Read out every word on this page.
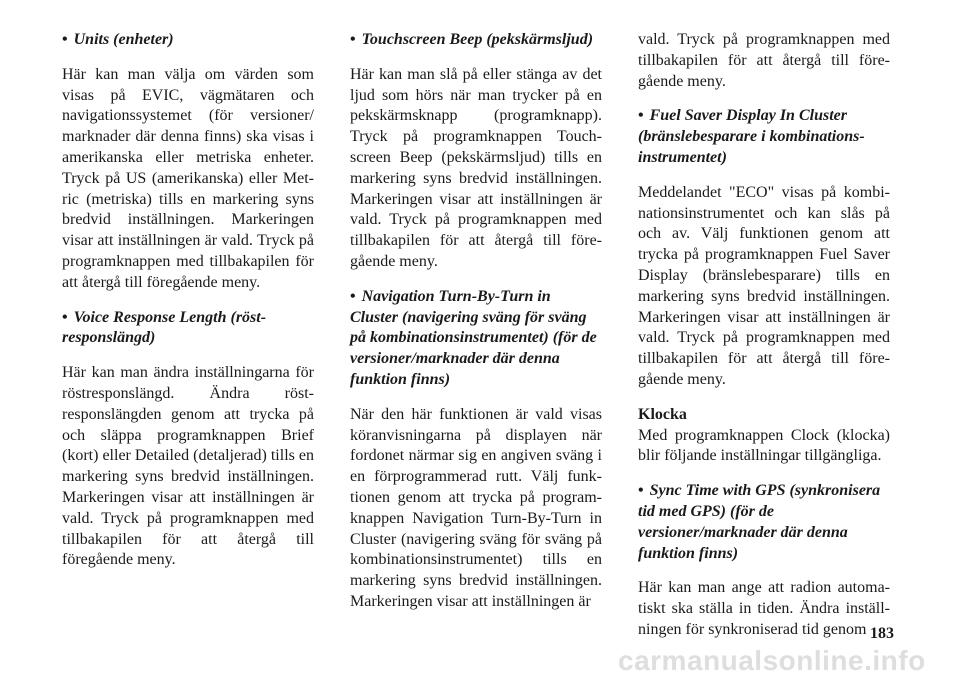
• Units (enheter)

Här kan man välja om värden som visas på EVIC, vägmätaren och navigationssystemet (för versioner/ marknader där denna finns) ska visas i amerikanska eller metriska enheter. Tryck på US (amerikanska) eller Metric (metriska) tills en markering syns bredvid inställningen. Markeringen visar att inställningen är vald. Tryck på programknappen med tillbakapilen för att återgå till föregående meny.

• Voice Response Length (röstresponslängd)

Här kan man ändra inställningarna för röstresponslängd. Ändra röstresponslängden genom att trycka på och släppa programknappen Brief (kort) eller Detailed (detaljerad) tills en markering syns bredvid inställningen. Markeringen visar att inställningen är vald. Tryck på programknappen med tillbakapilen för att återgå till föregående meny.

• Touchscreen Beep (pekskärmsljud)

Här kan man slå på eller stänga av det ljud som hörs när man trycker på en pekskärmsknapp (programknapp). Tryck på programknappen Touchscreen Beep (pekskärmsljud) tills en markering syns bredvid inställningen. Markeringen visar att inställningen är vald. Tryck på programknappen med tillbakapilen för att återgå till föregående meny.

• Navigation Turn-By-Turn in Cluster (navigering sväng för sväng på kombinationsinstrumentet) (för de versioner/marknader där denna funktion finns)

När den här funktionen är vald visas köranvisningarna på displayen när fordonet närmar sig en angiven sväng i en förprogrammerad rutt. Välj funktionen genom att trycka på programknappen Navigation Turn-By-Turn in Cluster (navigering sväng för sväng på kombinationsinstrumentet) tills en markering syns bredvid inställningen. Markeringen visar att inställningen är

vald. Tryck på programknappen med tillbakapilen för att återgå till föregående meny.

• Fuel Saver Display In Cluster (bränslebesparare i kombinationsinstrumentet)

Meddelandet "ECO" visas på kombinationsinstrumentet och kan slås på och av. Välj funktionen genom att trycka på programknappen Fuel Saver Display (bränslebesparare) tills en markering syns bredvid inställningen. Markeringen visar att inställningen är vald. Tryck på programknappen med tillbakapilen för att återgå till föregående meny.

Klocka

Med programknappen Clock (klocka) blir följande inställningar tillgängliga.

• Sync Time with GPS (synkronisera tid med GPS) (för de versioner/marknader där denna funktion finns)

Här kan man ange att radion automatiskt ska ställa in tiden. Ändra inställningen för synkroniserad tid genom 183
carmanualsonline.info
